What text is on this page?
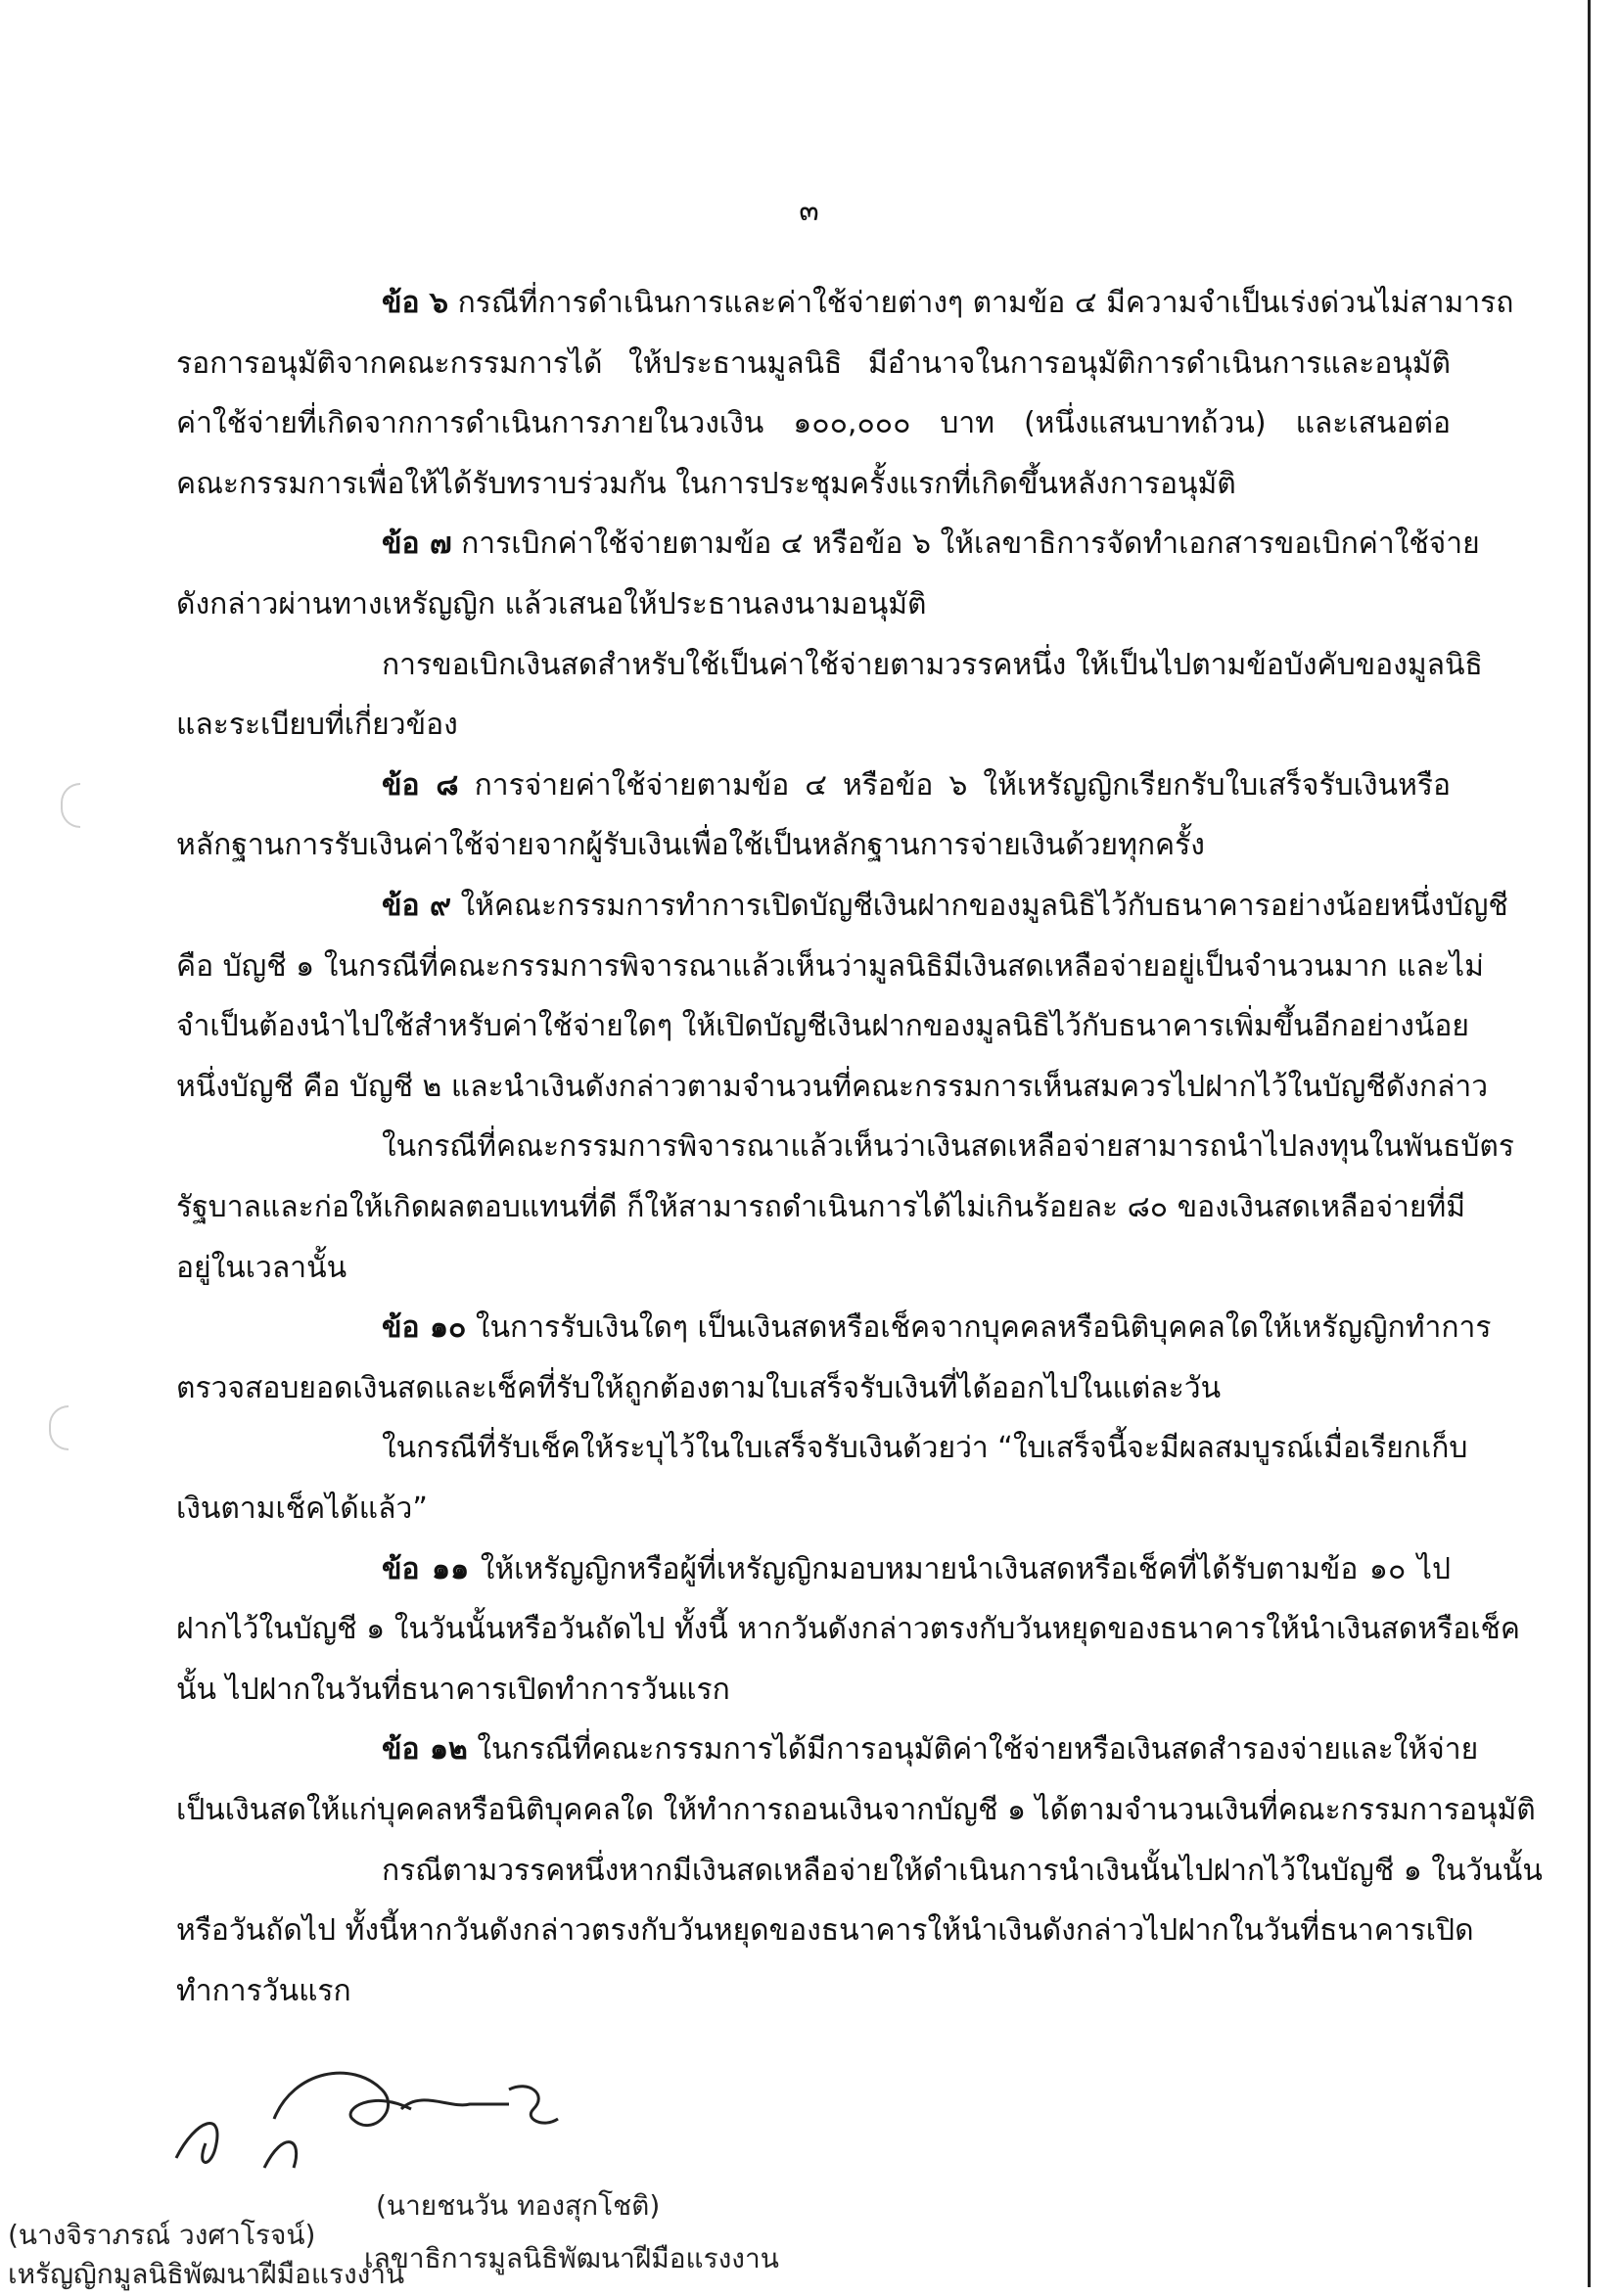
๓
ข้อ ๖ กรณีที่การดำเนินการและค่าใช้จ่ายต่างๆ ตามข้อ ๔ มีความจำเป็นเร่งด่วนไม่สามารถ
รอการอนุมัติจากคณะกรรมการได้ ให้ประธานมูลนิธิ มีอำนาจในการอนุมัติการดำเนินการและอนุมัติ
ค่าใช้จ่ายที่เกิดจากการดำเนินการภายในวงเงิน ๑๐๐,๐๐๐ บาท (หนึ่งแสนบาทถ้วน) และเสนอต่อ
คณะกรรมการเพื่อให้ได้รับทราบร่วมกัน ในการประชุมครั้งแรกที่เกิดขึ้นหลังการอนุมัติ
ข้อ ๗ การเบิกค่าใช้จ่ายตามข้อ ๔ หรือข้อ ๖ ให้เลขาธิการจัดทำเอกสารขอเบิกค่าใช้จ่าย
ดังกล่าวผ่านทางเหรัญญิก แล้วเสนอให้ประธานลงนามอนุมัติ
การขอเบิกเงินสดสำหรับใช้เป็นค่าใช้จ่ายตามวรรคหนึ่ง ให้เป็นไปตามข้อบังคับของมูลนิธิ
และระเบียบที่เกี่ยวข้อง
ข้อ ๘ การจ่ายค่าใช้จ่ายตามข้อ ๔ หรือข้อ ๖ ให้เหรัญญิกเรียกรับใบเสร็จรับเงินหรือ
หลักฐานการรับเงินค่าใช้จ่ายจากผู้รับเงินเพื่อใช้เป็นหลักฐานการจ่ายเงินด้วยทุกครั้ง
ข้อ ๙ ให้คณะกรรมการทำการเปิดบัญชีเงินฝากของมูลนิธิไว้กับธนาคารอย่างน้อยหนึ่งบัญชี
คือ บัญชี ๑ ในกรณีที่คณะกรรมการพิจารณาแล้วเห็นว่ามูลนิธิมีเงินสดเหลือจ่ายอยู่เป็นจำนวนมาก และไม่
จำเป็นต้องนำไปใช้สำหรับค่าใช้จ่ายใดๆ ให้เปิดบัญชีเงินฝากของมูลนิธิไว้กับธนาคารเพิ่มขึ้นอีกอย่างน้อย
หนึ่งบัญชี คือ บัญชี ๒ และนำเงินดังกล่าวตามจำนวนที่คณะกรรมการเห็นสมควรไปฝากไว้ในบัญชีดังกล่าว
ในกรณีที่คณะกรรมการพิจารณาแล้วเห็นว่าเงินสดเหลือจ่ายสามารถนำไปลงทุนในพันธบัตร
รัฐบาลและก่อให้เกิดผลตอบแทนที่ดี ก็ให้สามารถดำเนินการได้ไม่เกินร้อยละ ๘๐ ของเงินสดเหลือจ่ายที่มี
อยู่ในเวลานั้น
ข้อ ๑๐ ในการรับเงินใดๆ เป็นเงินสดหรือเช็คจากบุคคลหรือนิติบุคคลใดให้เหรัญญิกทำการ
ตรวจสอบยอดเงินสดและเช็คที่รับให้ถูกต้องตามใบเสร็จรับเงินที่ได้ออกไปในแต่ละวัน
ในกรณีที่รับเช็คให้ระบุไว้ในใบเสร็จรับเงินด้วยว่า “ใบเสร็จนี้จะมีผลสมบูรณ์เมื่อเรียกเก็บ
เงินตามเช็คได้แล้ว”
ข้อ ๑๑ ให้เหรัญญิกหรือผู้ที่เหรัญญิกมอบหมายนำเงินสดหรือเช็คที่ได้รับตามข้อ ๑๐ ไป
ฝากไว้ในบัญชี ๑ ในวันนั้นหรือวันถัดไป ทั้งนี้ หากวันดังกล่าวตรงกับวันหยุดของธนาคารให้นำเงินสดหรือเช็ค
นั้น ไปฝากในวันที่ธนาคารเปิดทำการวันแรก
ข้อ ๑๒ ในกรณีที่คณะกรรมการได้มีการอนุมัติค่าใช้จ่ายหรือเงินสดสำรองจ่ายและให้จ่าย
เป็นเงินสดให้แก่บุคคลหรือนิติบุคคลใด ให้ทำการถอนเงินจากบัญชี ๑ ได้ตามจำนวนเงินที่คณะกรรมการอนุมัติ
กรณีตามวรรคหนึ่งหากมีเงินสดเหลือจ่ายให้ดำเนินการนำเงินนั้นไปฝากไว้ในบัญชี ๑ ในวันนั้น
หรือวันถัดไป ทั้งนี้หากวันดังกล่าวตรงกับวันหยุดของธนาคารให้นำเงินดังกล่าวไปฝากในวันที่ธนาคารเปิด
ทำการวันแรก
(นางจิราภรณ์ วงศาโรจน์)
เหรัญญิกมูลนิธิพัฒนาฝีมือแรงงาน
(นายชนวัน ทองสุกโชติ)
เลขาธิการมูลนิธิพัฒนาฝีมือแรงงาน
